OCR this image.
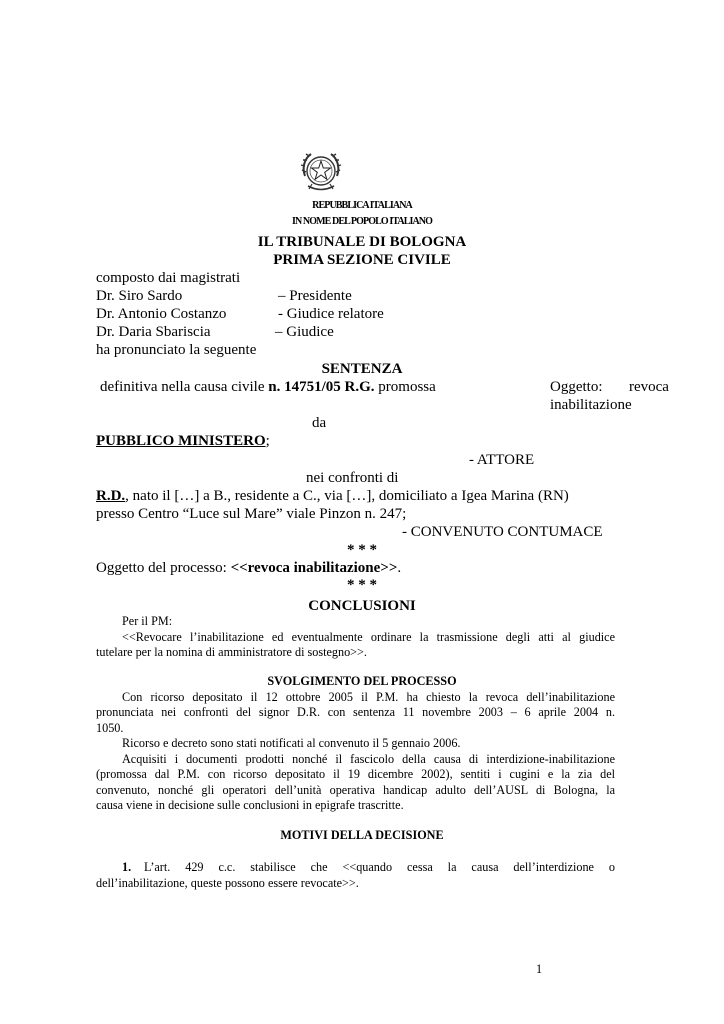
REPUBBLICA ITALIANA
IN NOME DEL POPOLO ITALIANO
IL TRIBUNALE DI BOLOGNA
PRIMA SEZIONE CIVILE
composto dai magistrati
Dr. Siro Sardo	– Presidente
Dr. Antonio Costanzo	- Giudice relatore
Dr. Daria Sbariscia	– Giudice
ha pronunciato la seguente
SENTENZA
definitiva nella causa civile n. 14751/05 R.G. promossa	Oggetto: revoca
inabilitazione
da
PUBBLICO MINISTERO;
- ATTORE
nei confronti di
R.D., nato il […] a B., residente a C., via […], domiciliato a Igea Marina (RN)
presso Centro “Luce sul Mare” viale Pinzon n. 247;
- CONVENUTO CONTUMACE
* * *
Oggetto del processo: <<revoca inabilitazione>>.
* * *
CONCLUSIONI
Per il PM:
<<Revocare l’inabilitazione ed eventualmente ordinare la trasmissione degli atti al giudice
tutelare per la nomina di amministratore di sostegno>>.
SVOLGIMENTO DEL PROCESSO
Con ricorso depositato il 12 ottobre 2005 il P.M. ha chiesto la revoca dell’inabilitazione
pronunciata nei confronti del signor D.R. con sentenza 11 novembre 2003 – 6 aprile 2004 n.
1050.
Ricorso e decreto sono stati notificati al convenuto il 5 gennaio 2006.
Acquisiti i documenti prodotti nonché il fascicolo della causa di interdizione-inabilitazione
(promossa dal P.M. con ricorso depositato il 19 dicembre 2002), sentiti i cugini e la zia del
convenuto, nonché gli operatori dell’unità operativa handicap adulto dell’AUSL di Bologna, la
causa viene in decisione sulle conclusioni in epigrafe trascritte.
MOTIVI DELLA DECISIONE
1. L’art. 429 c.c. stabilisce che <<quando cessa la causa dell’interdizione o
dell’inabilitazione, queste possono essere revocate>>.
1
